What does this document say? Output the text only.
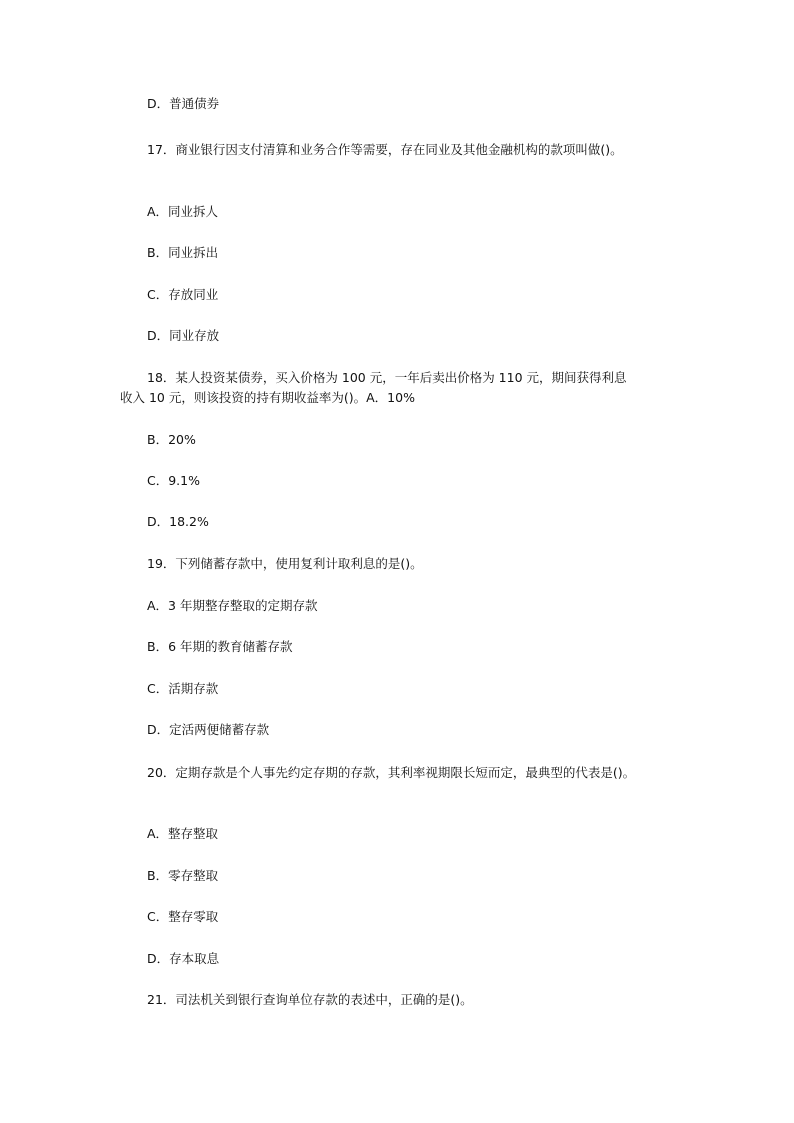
D．普通债券
17．商业银行因支付清算和业务合作等需要，存在同业及其他金融机构的款项叫做()。
A．同业拆人
B．同业拆出
C．存放同业
D．同业存放
18．某人投资某债券，买入价格为 100 元，一年后卖出价格为 110 元，期间获得利息
收入 10 元，则该投资的持有期收益率为()。A．10%
B．20%
C．9.1%
D．18.2%
19．下列储蓄存款中，使用复利计取利息的是()。
A．3 年期整存整取的定期存款
B．6 年期的教育储蓄存款
C．活期存款
D．定活两便储蓄存款
20．定期存款是个人事先约定存期的存款，其利率视期限长短而定，最典型的代表是()。
A．整存整取
B．零存整取
C．整存零取
D．存本取息
21．司法机关到银行查询单位存款的表述中，正确的是()。
